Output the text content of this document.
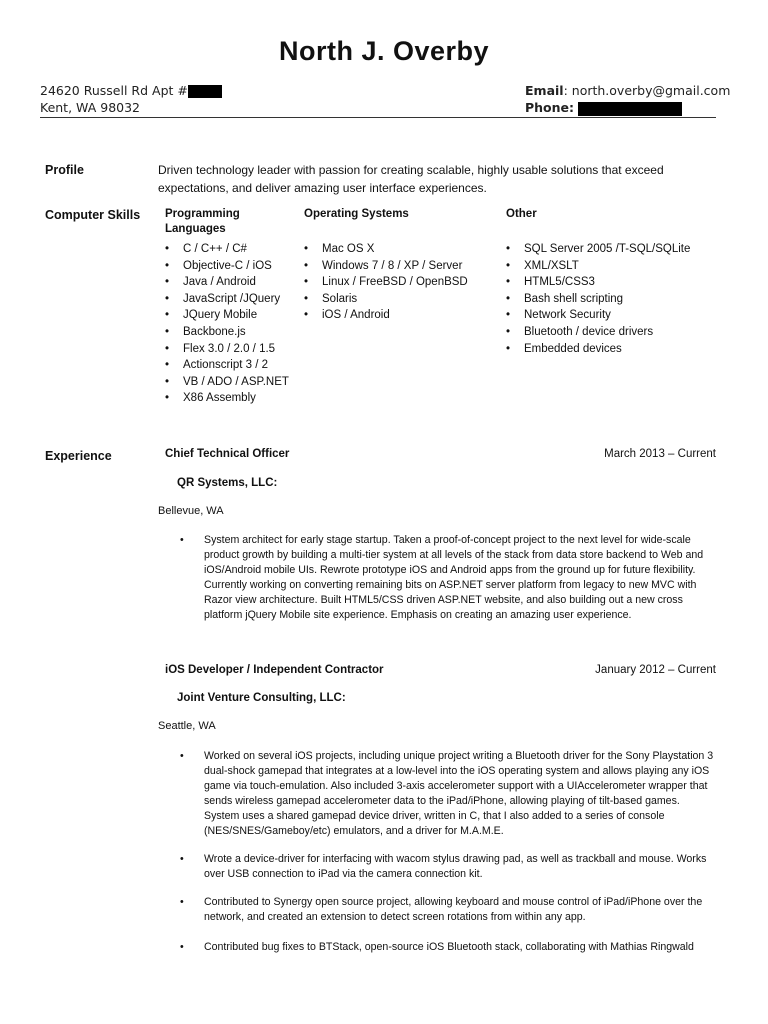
North J. Overby
24620 Russell Rd Apt #
Kent, WA 98032
Email: north.overby@gmail.com
Phone:
Profile	Driven technology leader with passion for creating scalable, highly usable solutions that exceed expectations, and deliver amazing user interface experiences.
Computer Skills Programming Languages
• C / C++ / C#
• Objective-C / iOS
• Java / Android
• JavaScript /JQuery
• JQuery Mobile
• Backbone.js
• Flex 3.0 / 2.0 / 1.5
• Actionscript 3 / 2
• VB / ADO / ASP.NET
• X86 Assembly
Operating Systems
• Mac OS X
• Windows 7 / 8 / XP / Server
• Linux / FreeBSD / OpenBSD
• Solaris
• iOS / Android
Other
• SQL Server 2005 /T-SQL/SQLite
• XML/XSLT
• HTML5/CSS3
• Bash shell scripting
• Network Security
• Bluetooth / device drivers
• Embedded devices
Experience	Chief Technical Officer	March 2013 – Current
QR Systems, LLC:
Bellevue, WA
• System architect for early stage startup. Taken a proof-of-concept project to the next level for wide-scale product growth by building a multi-tier system at all levels of the stack from data store backend to Web and iOS/Android mobile UIs. Rewrote prototype iOS and Android apps from the ground up for future flexibility. Currently working on converting remaining bits on ASP.NET server platform from legacy to new MVC with Razor view architecture. Built HTML5/CSS driven ASP.NET website, and also building out a new cross platform jQuery Mobile site experience. Emphasis on creating an amazing user experience.
iOS Developer / Independent Contractor	January 2012 – Current
Joint Venture Consulting, LLC:
Seattle, WA
• Worked on several iOS projects, including unique project writing a Bluetooth driver for the Sony Playstation 3 dual-shock gamepad that integrates at a low-level into the iOS operating system and allows playing any iOS game via touch-emulation. Also included 3-axis accelerometer support with a UIAccelerometer wrapper that sends wireless gamepad accelerometer data to the iPad/iPhone, allowing playing of tilt-based games. System uses a shared gamepad device driver, written in C, that I also added to a series of console (NES/SNES/Gameboy/etc) emulators, and a driver for M.A.M.E.
• Wrote a device-driver for interfacing with wacom stylus drawing pad, as well as trackball and mouse. Works over USB connection to iPad via the camera connection kit.
• Contributed to Synergy open source project, allowing keyboard and mouse control of iPad/iPhone over the network, and created an extension to detect screen rotations from within any app.
• Contributed bug fixes to BTStack, open-source iOS Bluetooth stack, collaborating with Mathias Ringwald
